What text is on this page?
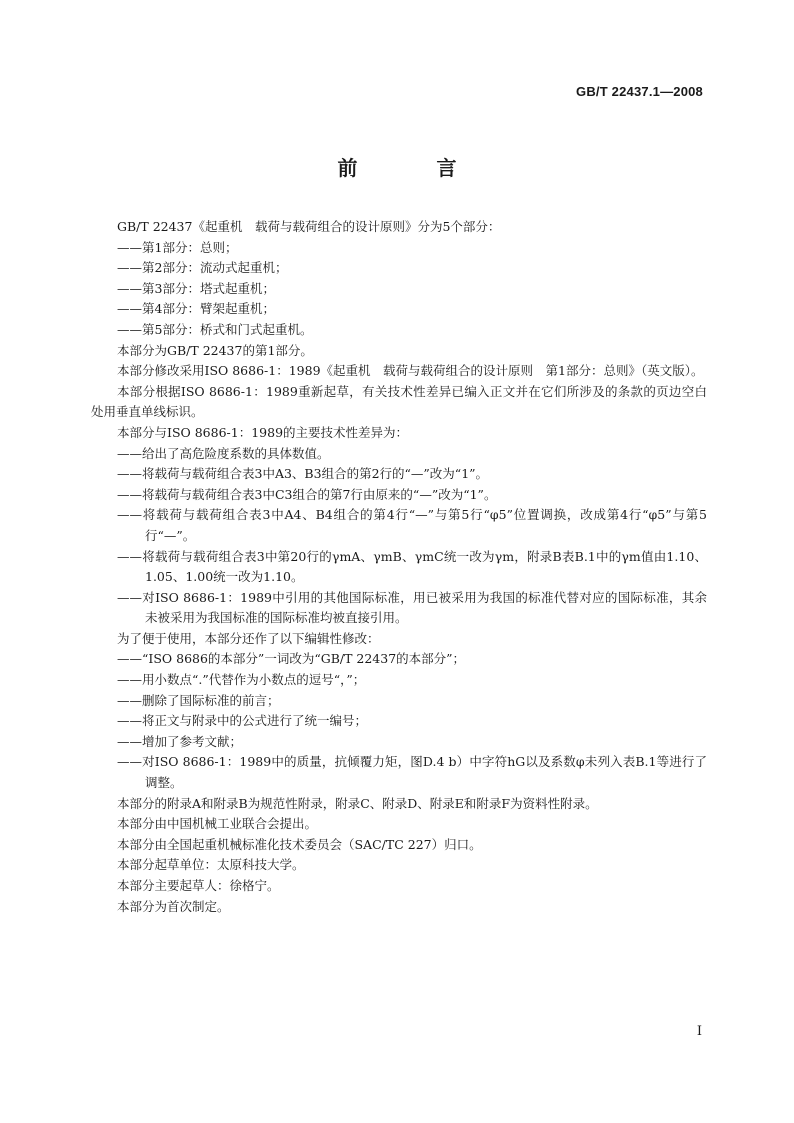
GB/T 22437.1—2008
前 言

GB/T 22437《起重机　载荷与载荷组合的设计原则》分为5个部分：

——第1部分：总则；

——第2部分：流动式起重机；

——第3部分：塔式起重机；

——第4部分：臂架起重机；

——第5部分：桥式和门式起重机。

本部分为GB/T 22437的第1部分。

本部分修改采用ISO 8686-1：1989《起重机　载荷与载荷组合的设计原则　第1部分：总则》（英文版）。

本部分根据ISO 8686-1：1989重新起草，有关技术性差异已编入正文并在它们所涉及的条款的页边空白处用垂直单线标识。

本部分与ISO 8686-1：1989的主要技术性差异为：

——给出了高危险度系数的具体数值。

——将载荷与载荷组合表3中A3、B3组合的第2行的“—”改为“1”。

——将载荷与载荷组合表3中C3组合的第7行由原来的“—”改为“1”。

——将载荷与载荷组合表3中A4、B4组合的第4行“—”与第5行“φ5”位置调换，改成第4行“φ5”与第5行“—”。

——将载荷与载荷组合表3中第20行的γmA、γmB、γmC统一改为γm，附录B表B.1中的γm值由1.10、1.05、1.00统一改为1.10。

——对ISO 8686-1：1989中引用的其他国际标准，用已被采用为我国的标准代替对应的国际标准，其余未被采用为我国标准的国际标准均被直接引用。

为了便于使用，本部分还作了以下编辑性修改：

——“ISO 8686的本部分”一词改为“GB/T 22437的本部分”；

——用小数点“.”代替作为小数点的逗号“，”；

——删除了国际标准的前言；

——将正文与附录中的公式进行了统一编号；

——增加了参考文献；

——对ISO 8686-1：1989中的质量，抗倾覆力矩，图D.4 b）中字符hG以及系数φ未列入表B.1等进行了调整。

本部分的附录A和附录B为规范性附录，附录C、附录D、附录E和附录F为资料性附录。

本部分由中国机械工业联合会提出。

本部分由全国起重机械标准化技术委员会（SAC/TC 227）归口。

本部分起草单位：太原科技大学。

本部分主要起草人：徐格宁。

本部分为首次制定。

I
